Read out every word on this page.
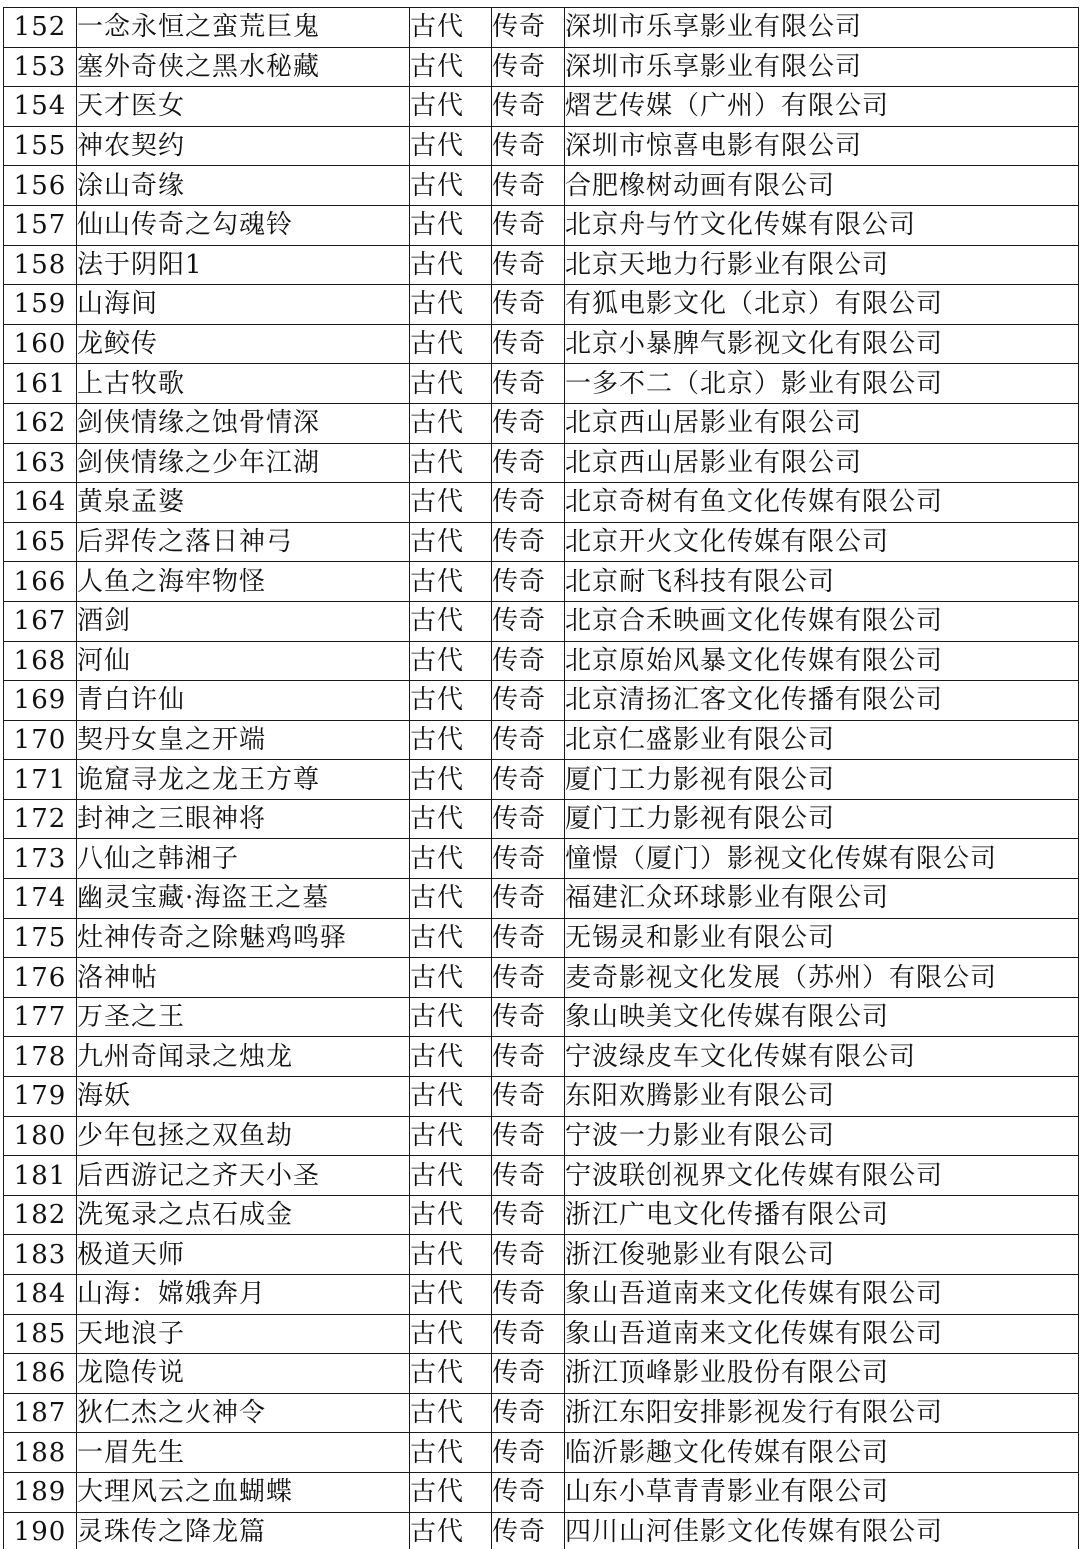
152	一念永恒之蛮荒巨鬼	古代	传奇	深圳市乐享影业有限公司
153	塞外奇侠之黑水秘藏	古代	传奇	深圳市乐享影业有限公司
154	天才医女	古代	传奇	熠艺传媒（广州）有限公司
155	神农契约	古代	传奇	深圳市惊喜电影有限公司
156	涂山奇缘	古代	传奇	合肥橡树动画有限公司
157	仙山传奇之勾魂铃	古代	传奇	北京舟与竹文化传媒有限公司
158	法于阴阳1	古代	传奇	北京天地力行影业有限公司
159	山海间	古代	传奇	有狐电影文化（北京）有限公司
160	龙鲛传	古代	传奇	北京小暴脾气影视文化有限公司
161	上古牧歌	古代	传奇	一多不二（北京）影业有限公司
162	剑侠情缘之蚀骨情深	古代	传奇	北京西山居影业有限公司
163	剑侠情缘之少年江湖	古代	传奇	北京西山居影业有限公司
164	黄泉孟婆	古代	传奇	北京奇树有鱼文化传媒有限公司
165	后羿传之落日神弓	古代	传奇	北京开火文化传媒有限公司
166	人鱼之海牢物怪	古代	传奇	北京耐飞科技有限公司
167	酒剑	古代	传奇	北京合禾映画文化传媒有限公司
168	河仙	古代	传奇	北京原始风暴文化传媒有限公司
169	青白许仙	古代	传奇	北京清扬汇客文化传播有限公司
170	契丹女皇之开端	古代	传奇	北京仁盛影业有限公司
171	诡窟寻龙之龙王方尊	古代	传奇	厦门工力影视有限公司
172	封神之三眼神将	古代	传奇	厦门工力影视有限公司
173	八仙之韩湘子	古代	传奇	憧憬（厦门）影视文化传媒有限公司
174	幽灵宝藏·海盗王之墓	古代	传奇	福建汇众环球影业有限公司
175	灶神传奇之除魅鸡鸣驿	古代	传奇	无锡灵和影业有限公司
176	洛神帖	古代	传奇	麦奇影视文化发展（苏州）有限公司
177	万圣之王	古代	传奇	象山映美文化传媒有限公司
178	九州奇闻录之烛龙	古代	传奇	宁波绿皮车文化传媒有限公司
179	海妖	古代	传奇	东阳欢腾影业有限公司
180	少年包拯之双鱼劫	古代	传奇	宁波一力影业有限公司
181	后西游记之齐天小圣	古代	传奇	宁波联创视界文化传媒有限公司
182	洗冤录之点石成金	古代	传奇	浙江广电文化传播有限公司
183	极道天师	古代	传奇	浙江俊驰影业有限公司
184	山海：嫦娥奔月	古代	传奇	象山吾道南来文化传媒有限公司
185	天地浪子	古代	传奇	象山吾道南来文化传媒有限公司
186	龙隐传说	古代	传奇	浙江顶峰影业股份有限公司
187	狄仁杰之火神令	古代	传奇	浙江东阳安排影视发行有限公司
188	一眉先生	古代	传奇	临沂影趣文化传媒有限公司
189	大理风云之血蝴蝶	古代	传奇	山东小草青青影业有限公司
190	灵珠传之降龙篇	古代	传奇	四川山河佳影文化传媒有限公司
